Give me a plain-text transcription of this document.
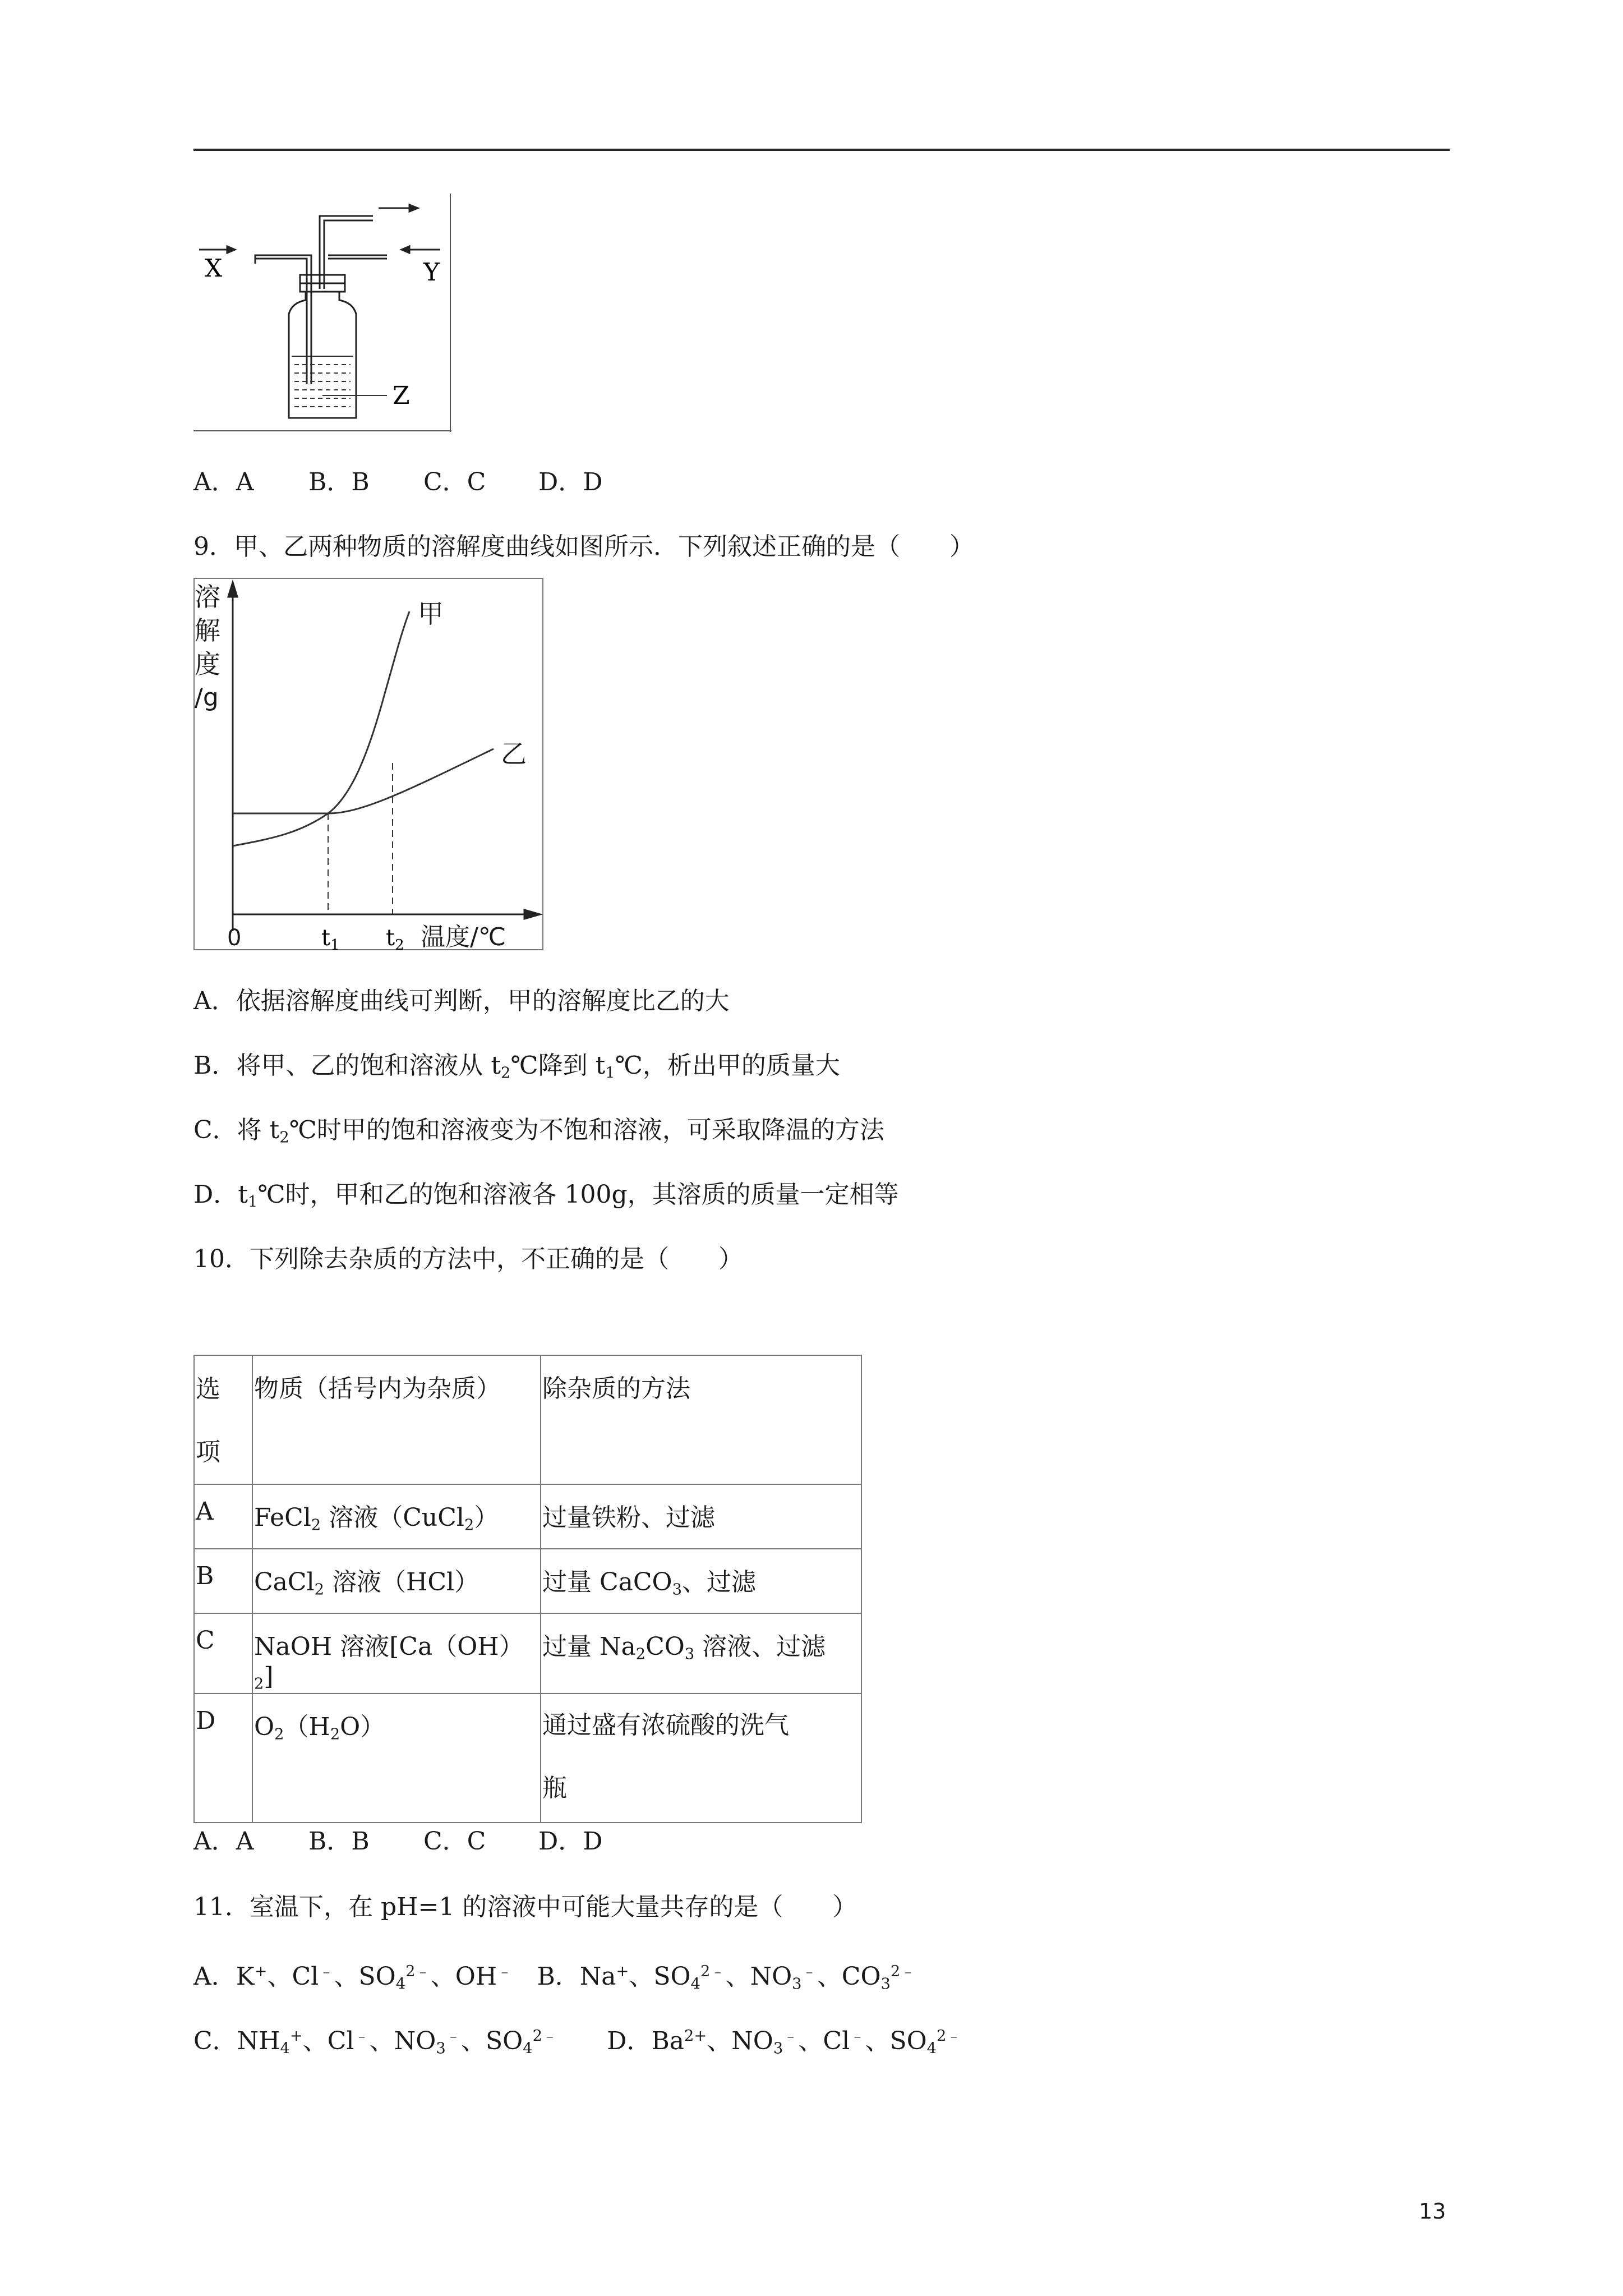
X	Y
Z
A．A B．B C．C D．D
9．甲、乙两种物质的溶解度曲线如图所示．下列叙述正确的是（　　）
溶
解
度
/g
甲
乙
0	温度/℃
$t_1$ $t_2$
A．依据溶解度曲线可判断，甲的溶解度比乙的大
B．将甲、乙的饱和溶液从 $t_2℃$降到 $t_1℃$，析出甲的质量大
C．将 $t_2℃$时甲的饱和溶液变为不饱和溶液，可采取降温的方法
D．$t_1℃$时，甲和乙的饱和溶液各 100g，其溶质的质量一定相等
10．下列除去杂质的方法中，不正确的是（　　）
选
项	物质（括号内为杂质）	除杂质的方法
A	FeCl$_2$ 溶液（CuCl$_2$）	过量铁粉、过滤
B	CaCl$_2$ 溶液（HCl）	过量 CaCO$_3$、过滤
C	NaOH 溶液$[Ca(OH)_2]$	过量 $Na_2CO_3$ 溶液、过滤
D	$O_2(H_2O)$	通过盛有浓硫酸的洗气
瓶
A．A B．B C．C D．D
11．室温下，在 pH=1 的溶液中可能大量共存的是（　　）
A．K+、Cl﹣、$SO_4^{2﹣}$、OH﹣　B．Na+、$SO_4^{2﹣}$、$NO_3^﹣$、$CO_3^{2﹣}$
C．$NH_4^+$、Cl﹣、$NO_3^﹣$、$SO_4^{2﹣}$　　D．$Ba^{2+}$、$NO_3^﹣$、Cl﹣、$SO_4^{2﹣}$
13
